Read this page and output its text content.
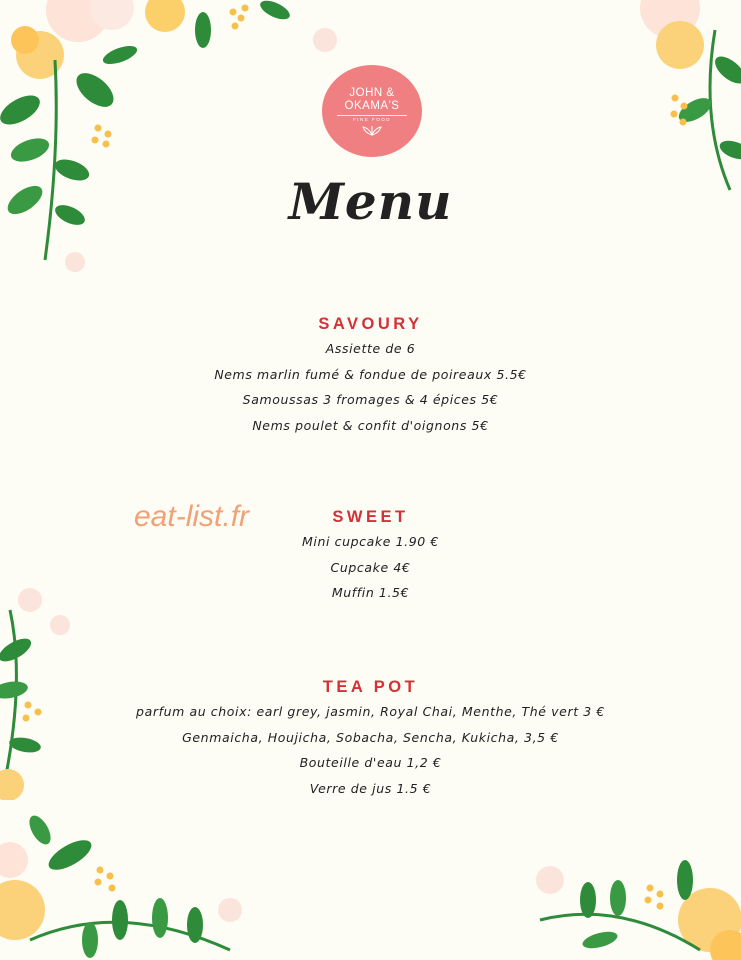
JOHN &
OKAMA'S
FINE FOOD
Menu
eat-list.fr
SAVOURY
Assiette de 6
Nems marlin fumé & fondue de poireaux 5.5€
Samoussas 3 fromages & 4 épices 5€
Nems poulet & confit d'oignons 5€
SWEET
Mini cupcake 1.90 €
Cupcake 4€
Muffin 1.5€
TEA POT
parfum au choix: earl grey, jasmin, Royal Chai, Menthe, Thé vert 3 €
Genmaicha, Houjicha, Sobacha, Sencha, Kukicha, 3,5 €
Bouteille d'eau 1,2 €
Verre de jus 1.5 €
